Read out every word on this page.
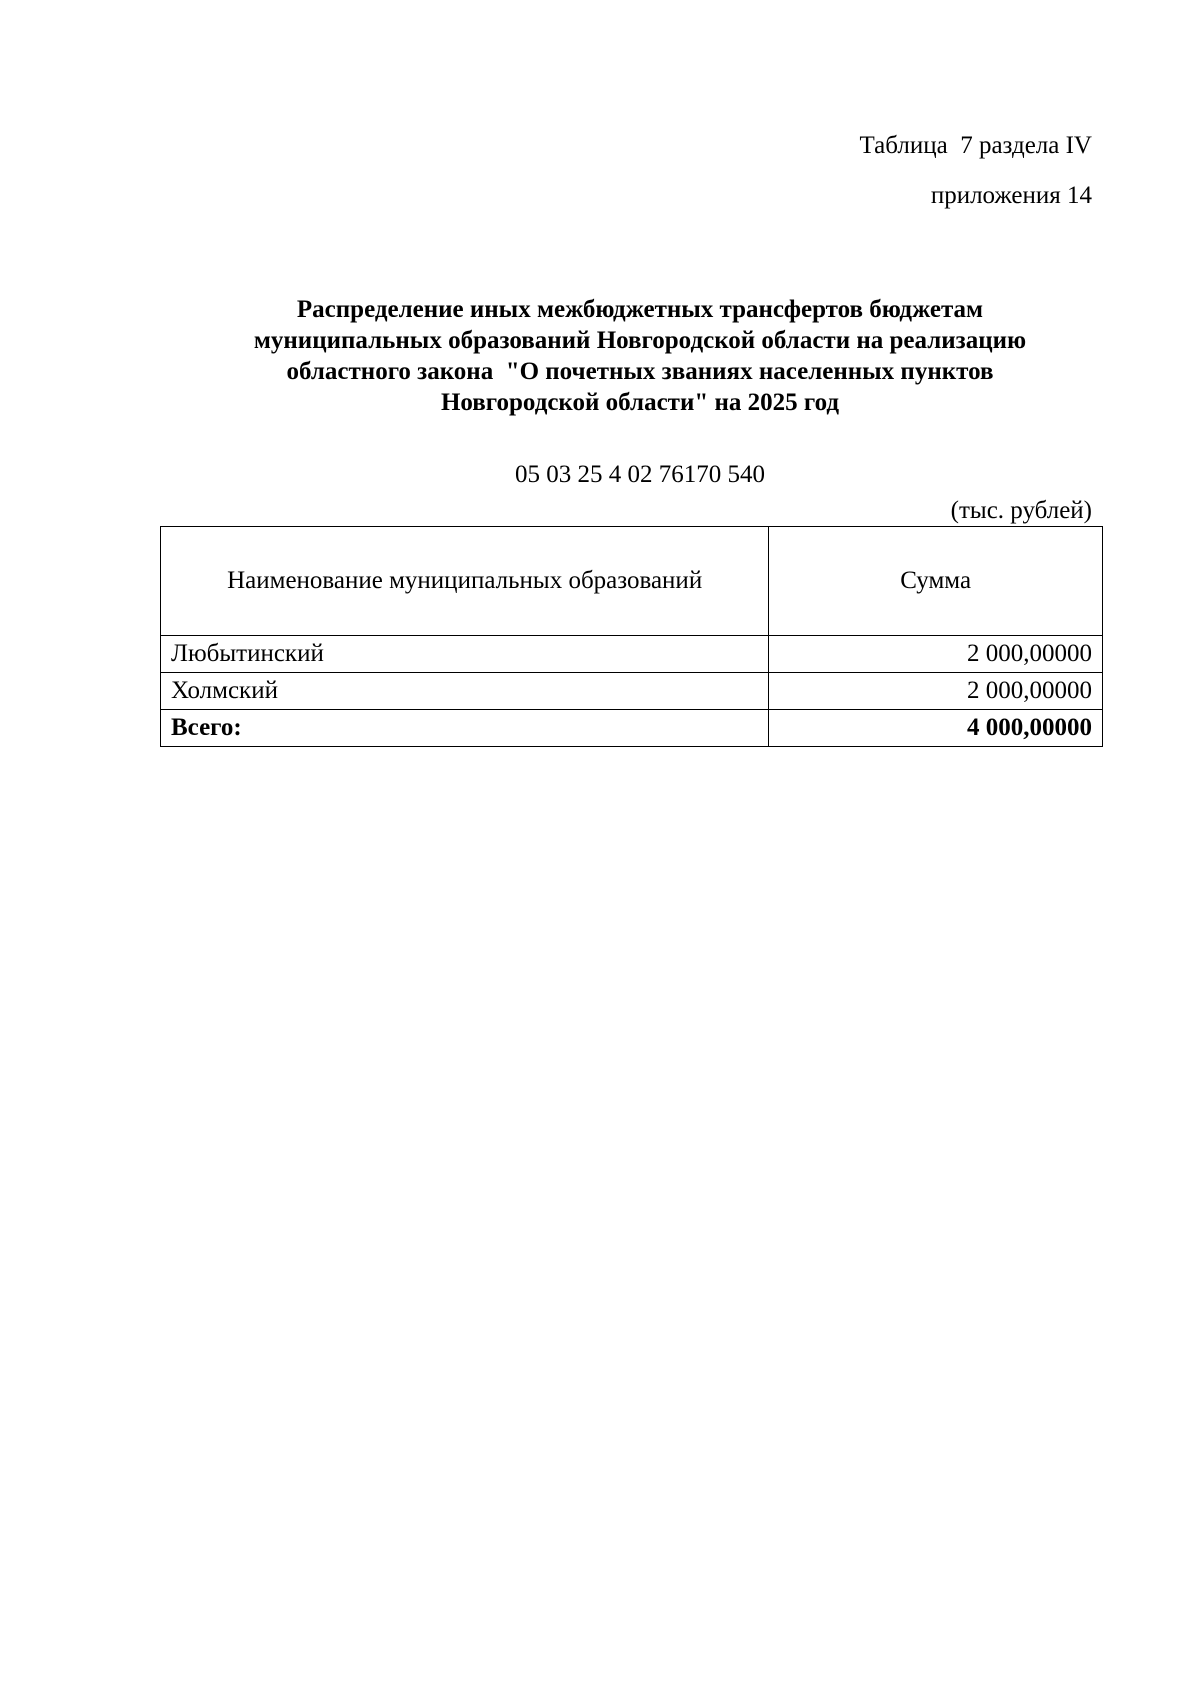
Таблица  7 раздела IV
приложения 14
Распределение иных межбюджетных трансфертов бюджетам
муниципальных образований Новгородской области на реализацию
областного закона  "О почетных званиях населенных пунктов
Новгородской области" на 2025 год
05 03 25 4 02 76170 540
(тыс. рублей)
Наименование муниципальных образований	Сумма
Любытинский	2 000,00000
Холмский	2 000,00000
Всего:	4 000,00000
